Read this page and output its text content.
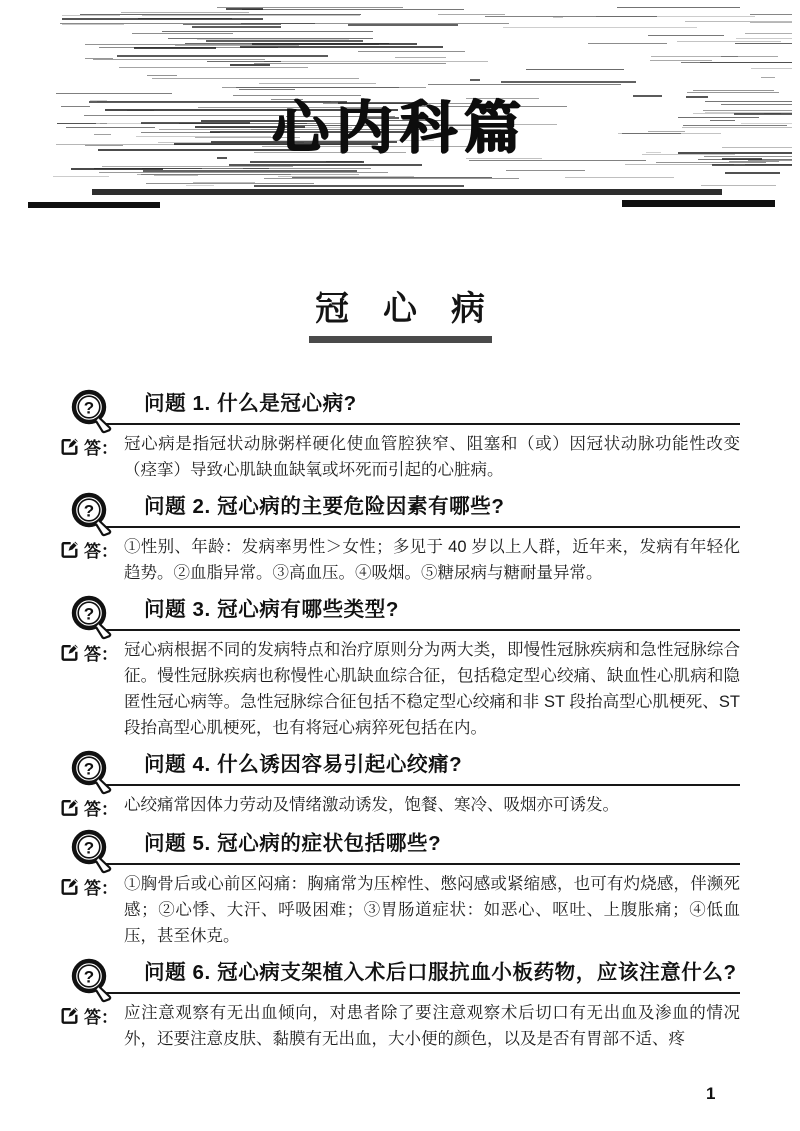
心内科篇
冠心病
?	问题 1. 什么是冠心病?
答： 冠心病是指冠状动脉粥样硬化使血管腔狭窄、阻塞和（或）因冠状动脉功能性改变（痉挛）导致心肌缺血缺氧或坏死而引起的心脏病。

?	问题 2. 冠心病的主要危险因素有哪些?
答： ①性别、年龄：发病率男性＞女性；多见于 40 岁以上人群，近年来，发病有年轻化趋势。②血脂异常。③高血压。④吸烟。⑤糖尿病与糖耐量异常。

?	问题 3. 冠心病有哪些类型?
答： 冠心病根据不同的发病特点和治疗原则分为两大类，即慢性冠脉疾病和急性冠脉综合征。慢性冠脉疾病也称慢性心肌缺血综合征，包括稳定型心绞痛、缺血性心肌病和隐匿性冠心病等。急性冠脉综合征包括不稳定型心绞痛和非 ST 段抬高型心肌梗死、ST 段抬高型心肌梗死，也有将冠心病猝死包括在内。

?	问题 4. 什么诱因容易引起心绞痛?
答： 心绞痛常因体力劳动及情绪激动诱发，饱餐、寒冷、吸烟亦可诱发。

?	问题 5. 冠心病的症状包括哪些?
答： ①胸骨后或心前区闷痛：胸痛常为压榨性、憋闷感或紧缩感，也可有灼烧感，伴濒死感；②心悸、大汗、呼吸困难；③胃肠道症状：如恶心、呕吐、上腹胀痛；④低血压，甚至休克。

?	问题 6. 冠心病支架植入术后口服抗血小板药物，应该注意什么?
答： 应注意观察有无出血倾向，对患者除了要注意观察术后切口有无出血及渗血的情况外，还要注意皮肤、黏膜有无出血，大小便的颜色，以及是否有胃部不适、疼

1
